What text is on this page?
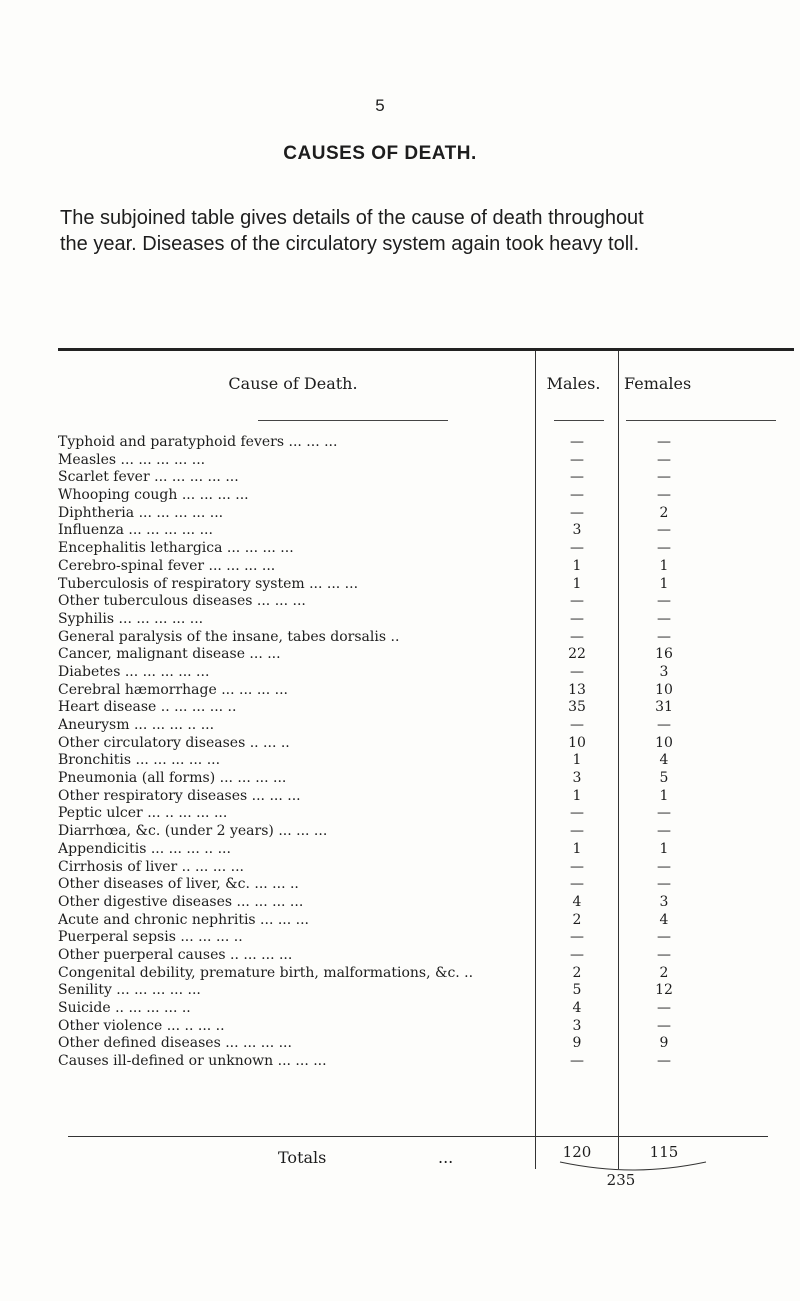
5
CAUSES OF DEATH.

The subjoined table gives details of the cause of death throughout

the year. Diseases of the circulatory system again took heavy toll.

Cause of Death.	Males.	Females
Typhoid and paratyphoid fevers ... ... ...	—	—
Measles ... ... ... ... ...	—	—
Scarlet fever ... ... ... ... ...	—	—
Whooping cough ... ... ... ...	—	—
Diphtheria ... ... ... ... ...	—	2
Influenza ... ... ... ... ...	3	—
Encephalitis lethargica ... ... ... ...	—	—
Cerebro-spinal fever ... ... ... ...	1	1
Tuberculosis of respiratory system ... ... ...	1	1
Other tuberculous diseases ... ... ...	—	—
Syphilis ... ... ... ... ...	—	—
General paralysis of the insane, tabes dorsalis ..	—	—
Cancer, malignant disease ... ...	22	16
Diabetes ... ... ... ... ...	—	3
Cerebral hæmorrhage ... ... ... ...	13	10
Heart disease .. ... ... ... ..	35	31
Aneurysm ... ... ... .. ...	—	—
Other circulatory diseases .. ... ..	10	10
Bronchitis ... ... ... ... ...	1	4
Pneumonia (all forms) ... ... ... ...	3	5
Other respiratory diseases ... ... ...	1	1
Peptic ulcer ... .. ... ... ...	—	—
Diarrhœa, &c. (under 2 years) ... ... ...	—	—
Appendicitis ... ... ... .. ...	1	1
Cirrhosis of liver .. ... ... ...	—	—
Other diseases of liver, &c. ... ... ..	—	—
Other digestive diseases ... ... ... ...	4	3
Acute and chronic nephritis ... ... ...	2	4
Puerperal sepsis ... ... ... ..	—	—
Other puerperal causes .. ... ... ...	—	—
Congenital debility, premature birth, malformations, &c. ..	2	2
Senility ... ... ... ... ...	5	12
Suicide .. ... ... ... ..	4	—
Other violence ... .. ... ..	3	—
Other defined diseases ... ... ... ...	9	9
Causes ill-defined or unknown ... ... ...	—	—
Totals	...	120	115
235
